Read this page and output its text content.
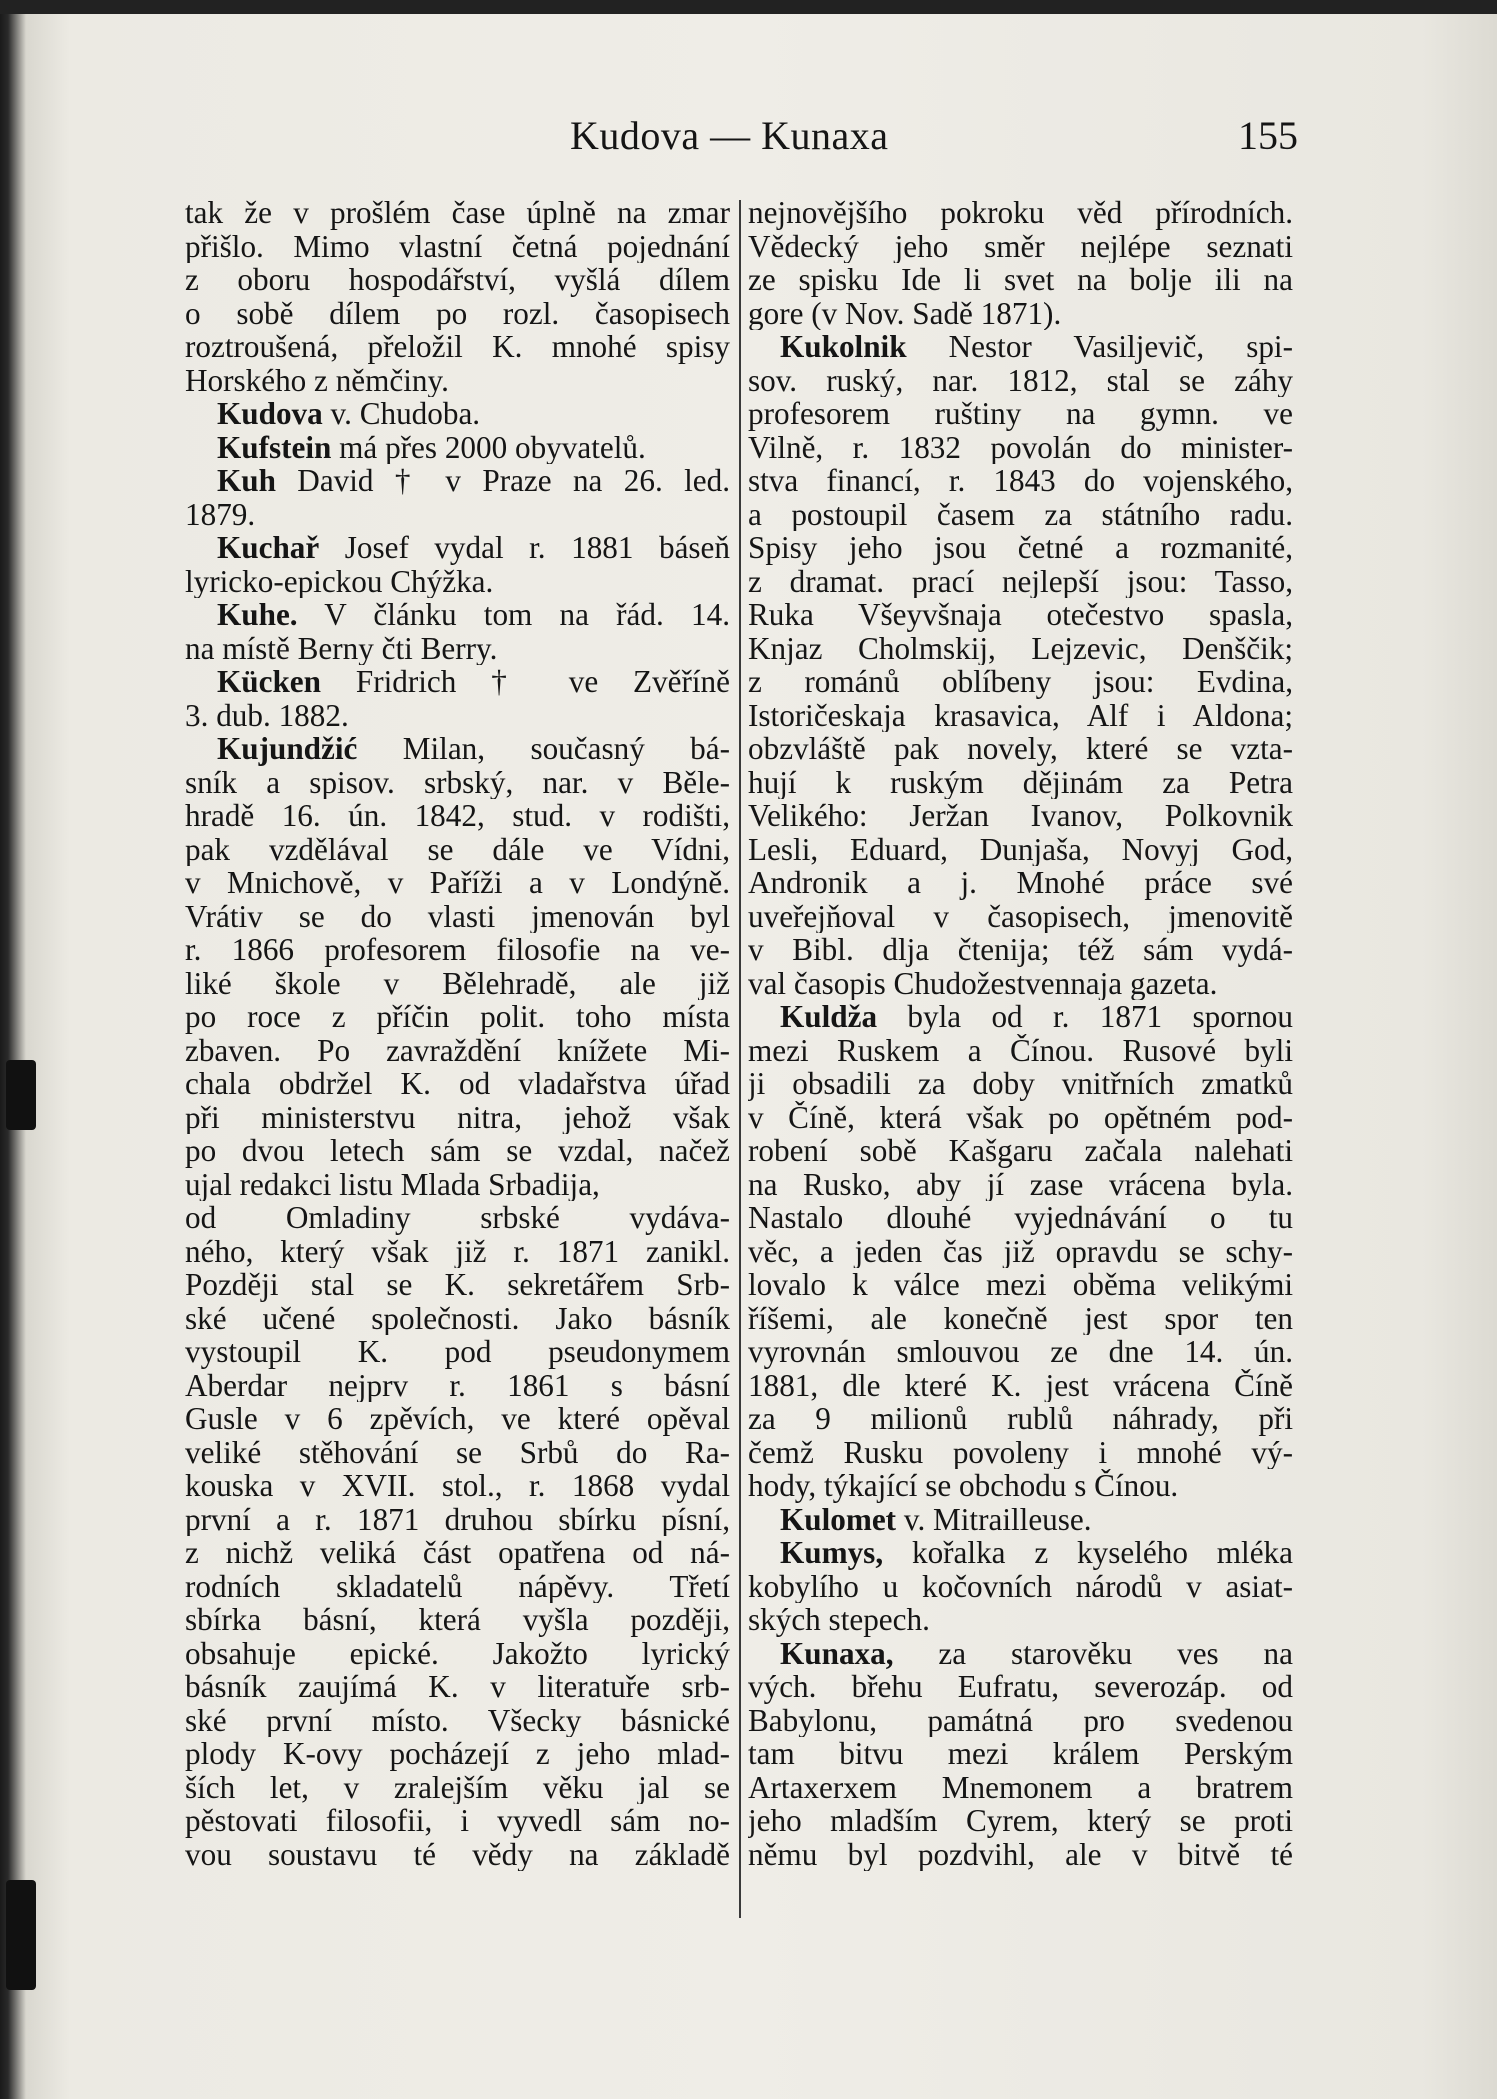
Kudova — Kunaxa	155
tak že v prošlém čase úplně na zmar
přišlo. Mimo vlastní četná pojednání
z oboru hospodářství, vyšlá dílem
o sobě dílem po rozl. časopisech
roztroušená, přeložil K. mnohé spisy
Horského z němčiny.
Kudova v. Chudoba.
Kufstein má přes 2000 obyvatelů.
Kuh David † v Praze na 26. led.
1879.
Kuchař Josef vydal r. 1881 báseň
lyricko-epickou Chýžka.
Kuhe. V článku tom na řád. 14.
na místě Berny čti Berry.
Kücken Fridrich † ve Zvěříně
3. dub. 1882.
Kujundžić Milan, současný bá-
sník a spisov. srbský, nar. v Běle-
hradě 16. ún. 1842, stud. v rodišti,
pak vzdělával se dále ve Vídni,
v Mnichově, v Paříži a v Londýně.
Vrátiv se do vlasti jmenován byl
r. 1866 profesorem filosofie na ve-
liké škole v Bělehradě, ale již
po roce z příčin polit. toho místa
zbaven. Po zavraždění knížete Mi-
chala obdržel K. od vladařstva úřad
při ministerstvu nitra, jehož však
po dvou letech sám se vzdal, načež
ujal redakci listu Mlada Srbadija,
od Omladiny srbské vydáva-
ného, který však již r. 1871 zanikl.
Později stal se K. sekretářem Srb-
ské učené společnosti. Jako básník
vystoupil K. pod pseudonymem
Aberdar nejprv r. 1861 s básní
Gusle v 6 zpěvích, ve které opěval
veliké stěhování se Srbů do Ra-
kouska v XVII. stol., r. 1868 vydal
první a r. 1871 druhou sbírku písní,
z nichž veliká část opatřena od ná-
rodních skladatelů nápěvy. Třetí
sbírka básní, která vyšla později,
obsahuje epické. Jakožto lyrický
básník zaujímá K. v literatuře srb-
ské první místo. Všecky básnické
plody K-ovy pocházejí z jeho mlad-
ších let, v zralejším věku jal se
pěstovati filosofii, i vyvedl sám no-
vou soustavu té vědy na základě
nejnovějšího pokroku věd přírodních.
Vědecký jeho směr nejlépe seznati
ze spisku Ide li svet na bolje ili na
gore (v Nov. Sadě 1871).
Kukolnik Nestor Vasiljevič, spi-
sov. ruský, nar. 1812, stal se záhy
profesorem ruštiny na gymn. ve
Vilně, r. 1832 povolán do minister-
stva financí, r. 1843 do vojenského,
a postoupil časem za státního radu.
Spisy jeho jsou četné a rozmanité,
z dramat. prací nejlepší jsou: Tasso,
Ruka Všeyvšnaja otečestvo spasla,
Knjaz Cholmskij, Lejzevic, Denščik;
z románů oblíbeny jsou: Evdina,
Istoričeskaja krasavica, Alf i Aldona;
obzvláště pak novely, které se vzta-
hují k ruským dějinám za Petra
Velikého: Jeržan Ivanov, Polkovnik
Lesli, Eduard, Dunjaša, Novyj God,
Andronik a j. Mnohé práce své
uveřejňoval v časopisech, jmenovitě
v Bibl. dlja čtenija; též sám vydá-
val časopis Chudožestvennaja gazeta.
Kuldža byla od r. 1871 spornou
mezi Ruskem a Čínou. Rusové byli
ji obsadili za doby vnitřních zmatků
v Číně, která však po opětném pod-
robení sobě Kašgaru začala nalehati
na Rusko, aby jí zase vrácena byla.
Nastalo dlouhé vyjednávání o tu
věc, a jeden čas již opravdu se schy-
lovalo k válce mezi oběma velikými
říšemi, ale konečně jest spor ten
vyrovnán smlouvou ze dne 14. ún.
1881, dle které K. jest vrácena Číně
za 9 milionů rublů náhrady, při
čemž Rusku povoleny i mnohé vý-
hody, týkající se obchodu s Čínou.
Kulomet v. Mitrailleuse.
Kumys, kořalka z kyselého mléka
kobylího u kočovních národů v asiat-
ských stepech.
Kunaxa, za starověku ves na
vých. břehu Eufratu, severozáp. od
Babylonu, památná pro svedenou
tam bitvu mezi králem Perským
Artaxerxem Mnemonem a bratrem
jeho mladším Cyrem, který se proti
němu byl pozdvihl, ale v bitvě té
